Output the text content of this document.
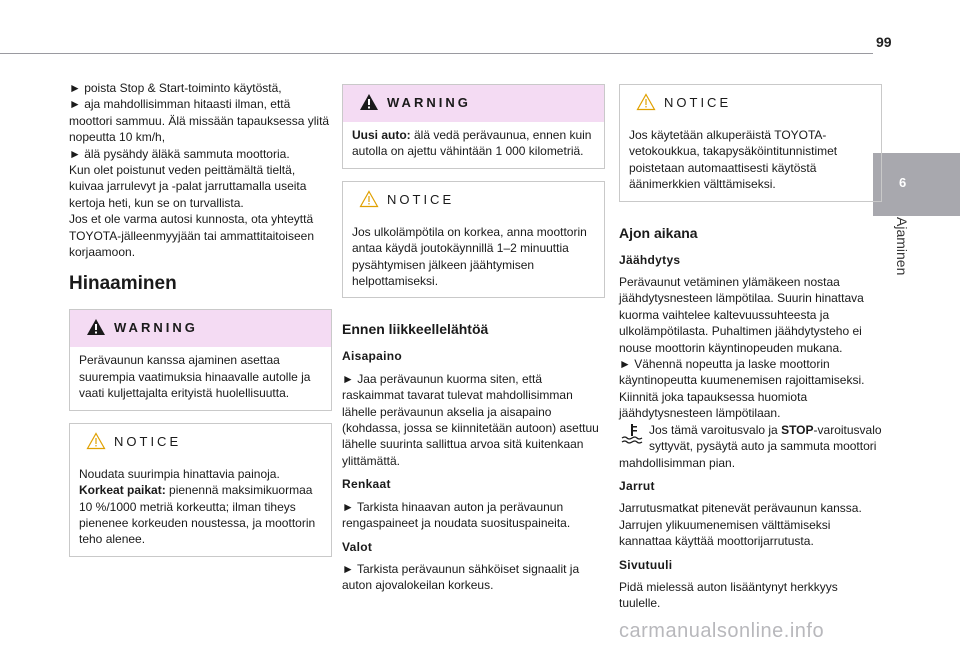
99
6
Ajaminen

► poista Stop & Start-toiminto käytöstä,

► aja mahdollisimman hitaasti ilman, että moottori sammuu. Älä missään tapauksessa ylitä nopeutta 10 km/h,

► älä pysähdy äläkä sammuta moottoria.

Kun olet poistunut veden peittämältä tieltä, kuivaa jarrulevyt ja -palat jarruttamalla useita kertoja heti, kun se on turvallista.

Jos et ole varma autosi kunnosta, ota yhteyttä TOYOTA-jälleenmyyjään tai ammattitaitoiseen korjaamoon.

Hinaaminen
WARNING
Perävaunun kanssa ajaminen asettaa suurempia vaatimuksia hinaavalle autolle ja vaati kuljettajalta erityistä huolellisuutta.
NOTICE
Noudata suurimpia hinattavia painoja.
Korkeat paikat: pienennä maksimikuormaa 10 %/1000 metriä korkeutta; ilman tiheys pienenee korkeuden noustessa, ja moottorin teho alenee.
WARNING
Uusi auto: älä vedä perävaunua, ennen kuin autolla on ajettu vähintään 1 000 kilometriä.
NOTICE
Jos ulkolämpötila on korkea, anna moottorin antaa käydä joutokäynnillä 1–2 minuuttia pysähtymisen jälkeen jäähtymisen helpottamiseksi.
Ennen liikkeellelähtöä
Aisapaino

► Jaa perävaunun kuorma siten, että raskaimmat tavarat tulevat mahdollisimman lähelle perävaunun akselia ja aisapaino (kohdassa, jossa se kiinnitetään autoon) asettuu lähelle suurinta sallittua arvoa sitä kuitenkaan ylittämättä.

Renkaat

► Tarkista hinaavan auton ja perävaunun rengaspaineet ja noudata suosituspaineita.

Valot

► Tarkista perävaunun sähköiset signaalit ja auton ajovalokeilan korkeus.

NOTICE
Jos käytetään alkuperäistä TOYOTA-vetokoukkua, takapysäköintitunnistimet poistetaan automaattisesti käytöstä äänimerkkien välttämiseksi.
Ajon aikana
Jäähdytys

Perävaunut vetäminen ylämäkeen nostaa jäähdytysnesteen lämpötilaa. Suurin hinattava kuorma vaihtelee kaltevuussuhteesta ja ulkolämpötilasta. Puhaltimen jäähdytysteho ei nouse moottorin käyntinopeuden mukana.

► Vähennä nopeutta ja laske moottorin käyntinopeutta kuumenemisen rajoittamiseksi. Kiinnitä joka tapauksessa huomiota jäähdytysnesteen lämpötilaan.

Jos tämä varoitusvalo ja STOP-varoitusvalo syttyvät, pysäytä auto ja sammuta moottori mahdollisimman pian.

Jarrut

Jarrutusmatkat pitenevät perävaunun kanssa. Jarrujen ylikuumenemisen välttämiseksi kannattaa käyttää moottorijarrutusta.

Sivutuuli

Pidä mielessä auton lisääntynyt herkkyys tuulelle.

carmanualsonline.info
